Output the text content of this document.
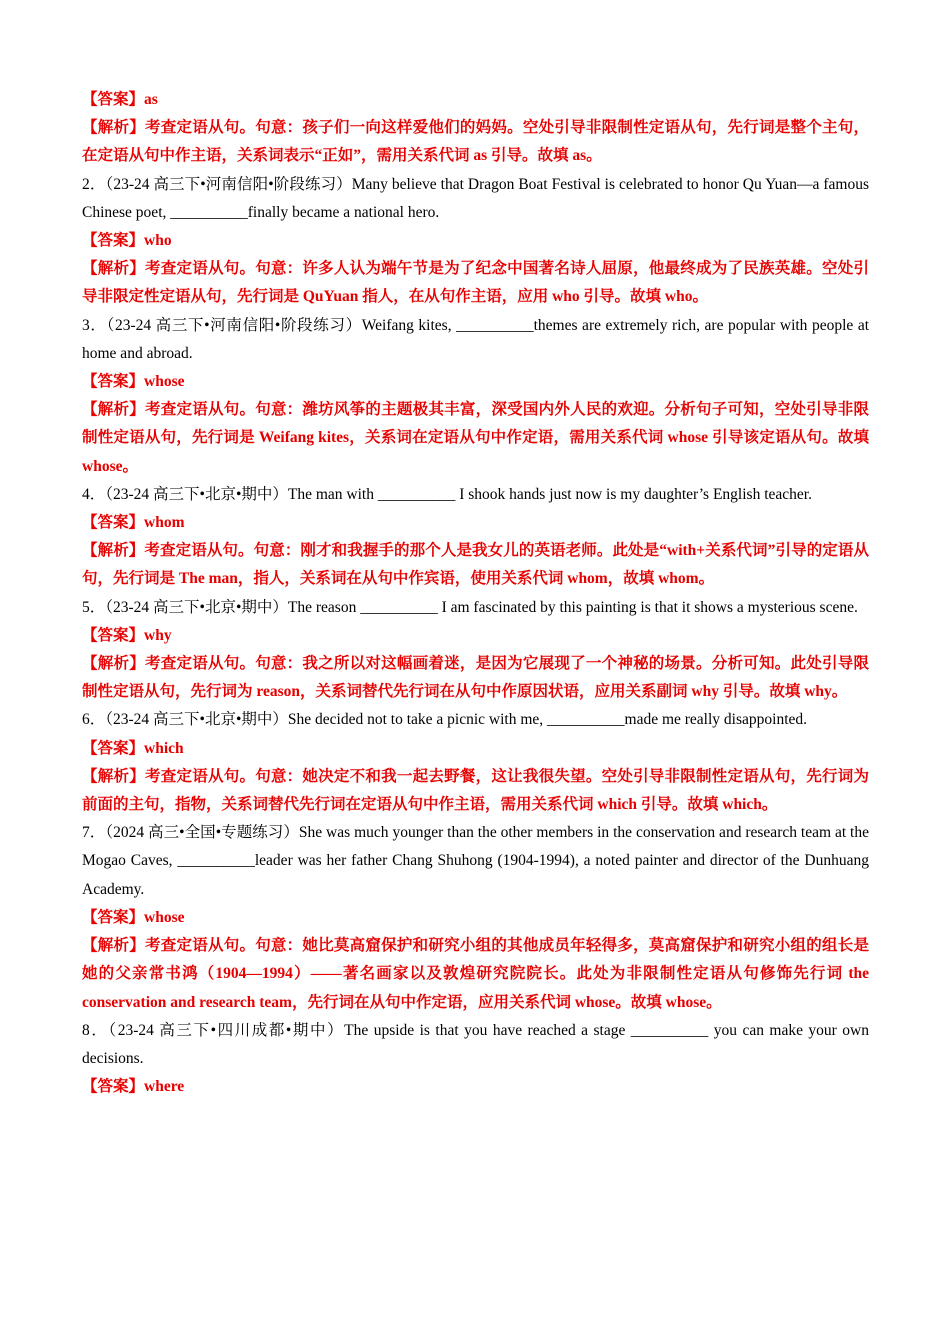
【答案】as
【解析】考查定语从句。句意：孩子们一向这样爱他们的妈妈。空处引导非限制性定语从句，先行词是整个主句，在定语从句中作主语，关系词表示“正如”，需用关系代词 as 引导。故填 as。
2．（23-24 高三下•河南信阳•阶段练习）Many believe that Dragon Boat Festival is celebrated to honor Qu Yuan—a famous Chinese poet, __________finally became a national hero.
【答案】who
【解析】考查定语从句。句意：许多人认为端午节是为了纪念中国著名诗人屈原，他最终成为了民族英雄。空处引导非限定性定语从句，先行词是 QuYuan 指人，在从句作主语，应用 who 引导。故填 who。
3．（23-24 高三下•河南信阳•阶段练习）Weifang kites, __________themes are extremely rich, are popular with people at home and abroad.
【答案】whose
【解析】考查定语从句。句意：潍坊风筝的主题极其丰富，深受国内外人民的欢迎。分析句子可知，空处引导非限制性定语从句，先行词是 Weifang kites，关系词在定语从句中作定语，需用关系代词 whose 引导该定语从句。故填 whose。
4．（23-24 高三下•北京•期中）The man with __________ I shook hands just now is my daughter’s English teacher.
【答案】whom
【解析】考查定语从句。句意：刚才和我握手的那个人是我女儿的英语老师。此处是“with+关系代词”引导的定语从句，先行词是 The man，指人，关系词在从句中作宾语，使用关系代词 whom，故填 whom。
5．（23-24 高三下•北京•期中）The reason __________ I am fascinated by this painting is that it shows a mysterious scene.
【答案】why
【解析】考查定语从句。句意：我之所以对这幅画着迷，是因为它展现了一个神秘的场景。分析可知。此处引导限制性定语从句，先行词为 reason，关系词替代先行词在从句中作原因状语，应用关系副词 why 引导。故填 why。
6．（23-24 高三下•北京•期中）She decided not to take a picnic with me, __________made me really disappointed.
【答案】which
【解析】考查定语从句。句意：她决定不和我一起去野餐，这让我很失望。空处引导非限制性定语从句，先行词为前面的主句，指物，关系词替代先行词在定语从句中作主语，需用关系代词 which 引导。故填 which。
7．（2024 高三•全国•专题练习）She was much younger than the other members in the conservation and research team at the Mogao Caves, __________leader was her father Chang Shuhong (1904-1994), a noted painter and director of the Dunhuang Academy.
【答案】whose
【解析】考查定语从句。句意：她比莫高窟保护和研究小组的其他成员年轻得多，莫高窟保护和研究小组的组长是她的父亲常书鸿（1904—1994）——著名画家以及敦煌研究院院长。此处为非限制性定语从句修饰先行词 the conservation and research team，先行词在从句中作定语，应用关系代词 whose。故填 whose。
8．（23-24 高三下•四川成都•期中）The upside is that you have reached a stage __________ you can make your own decisions.
【答案】where
